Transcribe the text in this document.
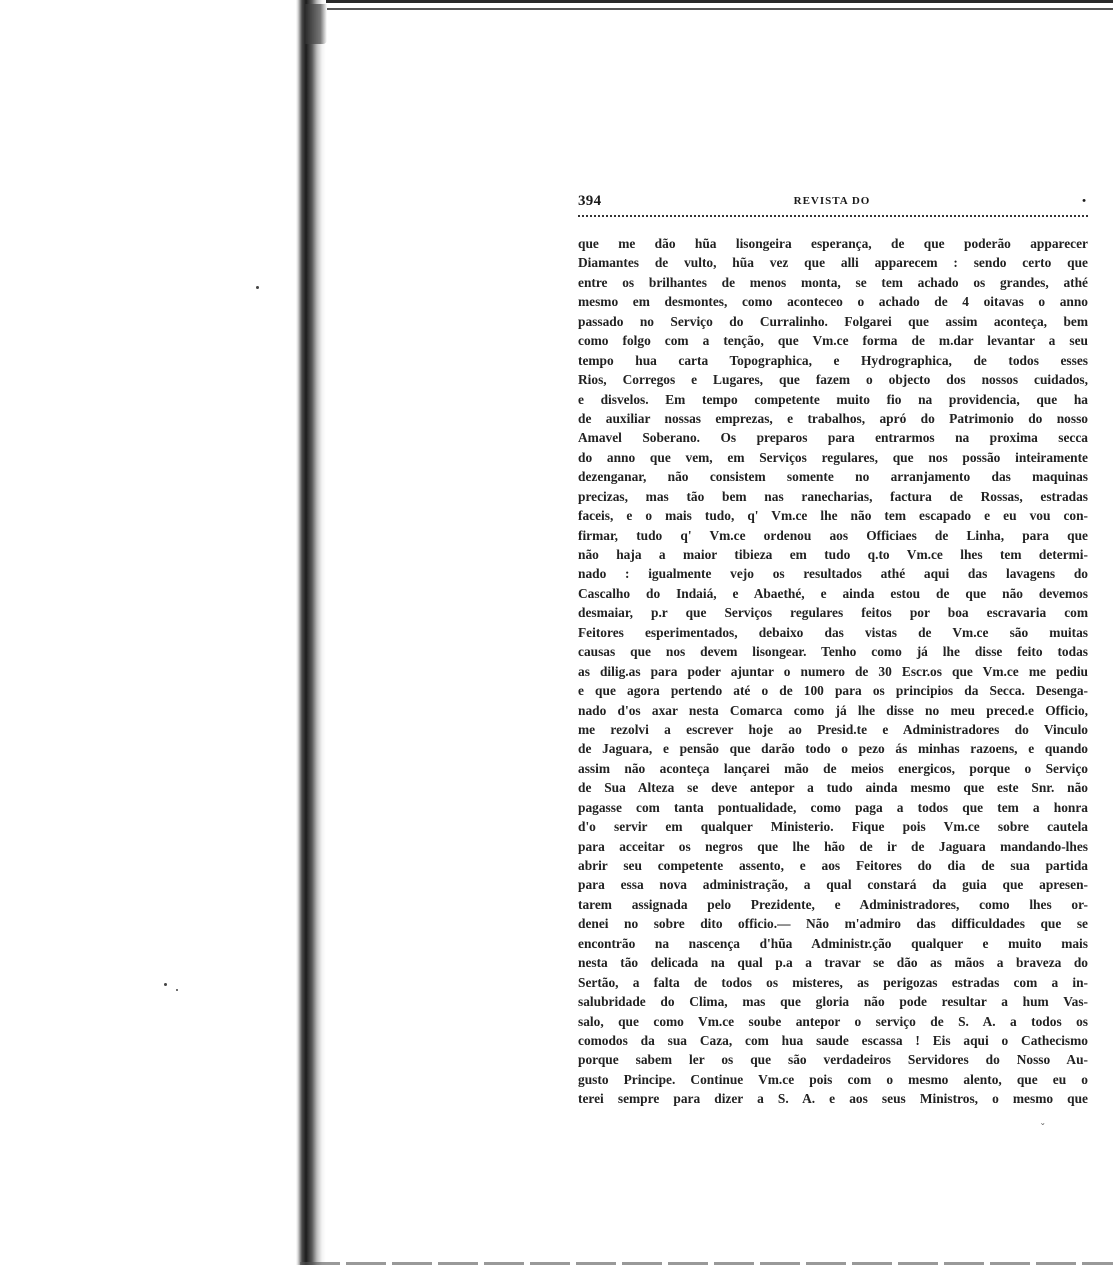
394	REVISTA DO	•
que me dão hũa lisongeira esperança, de que poderão apparecer
Diamantes de vulto, hũa vez que alli apparecem : sendo certo que
entre os brilhantes de menos monta, se tem achado os grandes, athé
mesmo em desmontes, como aconteceo o achado de 4 oitavas o anno
passado no Serviço do Curralinho. Folgarei que assim aconteça, bem
como folgo com a tenção, que Vm.ce forma de m.dar levantar a seu
tempo hua carta Topographica, e Hydrographica, de todos esses
Rios, Corregos e Lugares, que fazem o objecto dos nossos cuidados,
e disvelos. Em tempo competente muito fio na providencia, que ha
de auxiliar nossas emprezas, e trabalhos, apró do Patrimonio do nosso
Amavel Soberano. Os preparos para entrarmos na proxima secca
do anno que vem, em Serviços regulares, que nos possão inteiramente
dezenganar, não consistem somente no arranjamento das maquinas
precizas, mas tão bem nas ranecharias, factura de Rossas, estradas
faceis, e o mais tudo, q' Vm.ce lhe não tem escapado e eu vou con-
firmar, tudo q' Vm.ce ordenou aos Officiaes de Linha, para que
não haja a maior tibieza em tudo q.to Vm.ce lhes tem determi-
nado : igualmente vejo os resultados athé aqui das lavagens do
Cascalho do Indaiá, e Abaethé, e ainda estou de que não devemos
desmaiar, p.r que Serviços regulares feitos por boa escravaria com
Feitores esperimentados, debaixo das vistas de Vm.ce são muitas
causas que nos devem lisongear. Tenho como já lhe disse feito todas
as dilig.as para poder ajuntar o numero de 30 Escr.os que Vm.ce me pediu
e que agora pertendo até o de 100 para os principios da Secca. Desenga-
nado d'os axar nesta Comarca como já lhe disse no meu preced.e Officio,
me rezolvi a escrever hoje ao Presid.te e Administradores do Vinculo
de Jaguara, e pensão que darão todo o pezo ás minhas razoens, e quando
assim não aconteça lançarei mão de meios energicos, porque o Serviço
de Sua Alteza se deve antepor a tudo ainda mesmo que este Snr. não
pagasse com tanta pontualidade, como paga a todos que tem a honra
d'o servir em qualquer Ministerio. Fique pois Vm.ce sobre cautela
para acceitar os negros que lhe hão de ir de Jaguara mandando-lhes
abrir seu competente assento, e aos Feitores do dia de sua partida
para essa nova administração, a qual constará da guia que apresen-
tarem assignada pelo Prezidente, e Administradores, como lhes or-
denei no sobre dito officio.— Não m'admiro das difficuldades que se
encontrão na nascença d'hũa Administr.ção qualquer e muito mais
nesta tão delicada na qual p.a a travar se dão as mãos a braveza do
Sertão, a falta de todos os misteres, as perigozas estradas com a in-
salubridade do Clima, mas que gloria não pode resultar a hum Vas-
salo, que como Vm.ce soube antepor o serviço de S. A. a todos os
comodos da sua Caza, com hua saude escassa ! Eis aqui o Cathecismo
porque sabem ler os que são verdadeiros Servidores do Nosso Au-
gusto Principe. Continue Vm.ce pois com o mesmo alento, que eu o
terei sempre para dizer a S. A. e aos seus Ministros, o mesmo que
ˇ
